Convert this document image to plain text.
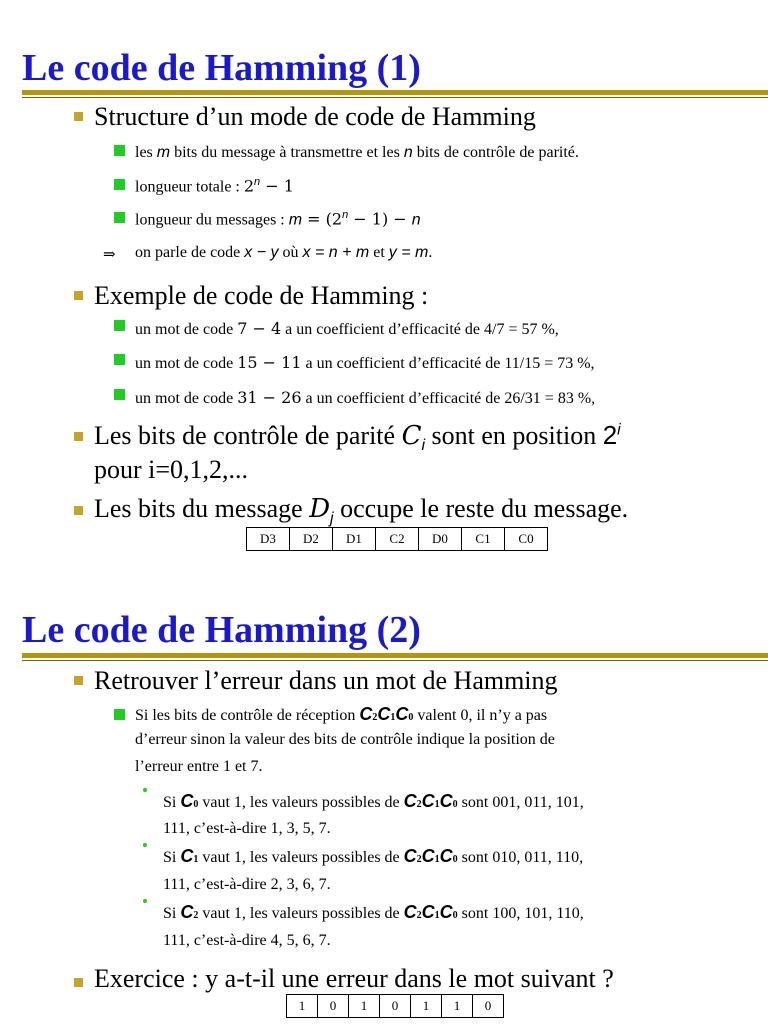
Le code de Hamming (1)
Structure d’un mode de code de Hamming
les m bits du message à transmettre et les n bits de contrôle de parité.
longueur totale : $2^n - 1$
longueur du messages : $m = (2^n - 1) - n$
⇒ on parle de code x − y où x = n + m et y = m.
Exemple de code de Hamming :
un mot de code 7 − 4 a un coefficient d’efficacité de 4/7 = 57 %,
un mot de code 15 − 11 a un coefficient d’efficacité de 11/15 = 73 %,
un mot de code 31 − 26 a un coefficient d’efficacité de 26/31 = 83 %,
Les bits de contrôle de parité $C_i$ sont en position 2$^i$
pour i=0,1,2,...
Les bits du message $D_j$ occupe le reste du message.
D3	D2	D1	C2	D0	C1	C0
Le code de Hamming (2)
Retrouver l’erreur dans un mot de Hamming
Si les bits de contrôle de réception C2C1C0 valent 0, il n’y a pas
d’erreur sinon la valeur des bits de contrôle indique la position de
l’erreur entre 1 et 7.
Si C0 vaut 1, les valeurs possibles de C2C1C0 sont 001, 011, 101,
111, c’est-à-dire 1, 3, 5, 7.
Si C1 vaut 1, les valeurs possibles de C2C1C0 sont 010, 011, 110,
111, c’est-à-dire 2, 3, 6, 7.
Si C2 vaut 1, les valeurs possibles de C2C1C0 sont 100, 101, 110,
111, c’est-à-dire 4, 5, 6, 7.
Exercice : y a-t-il une erreur dans le mot suivant ?
1	0	1	0	1	1	0
